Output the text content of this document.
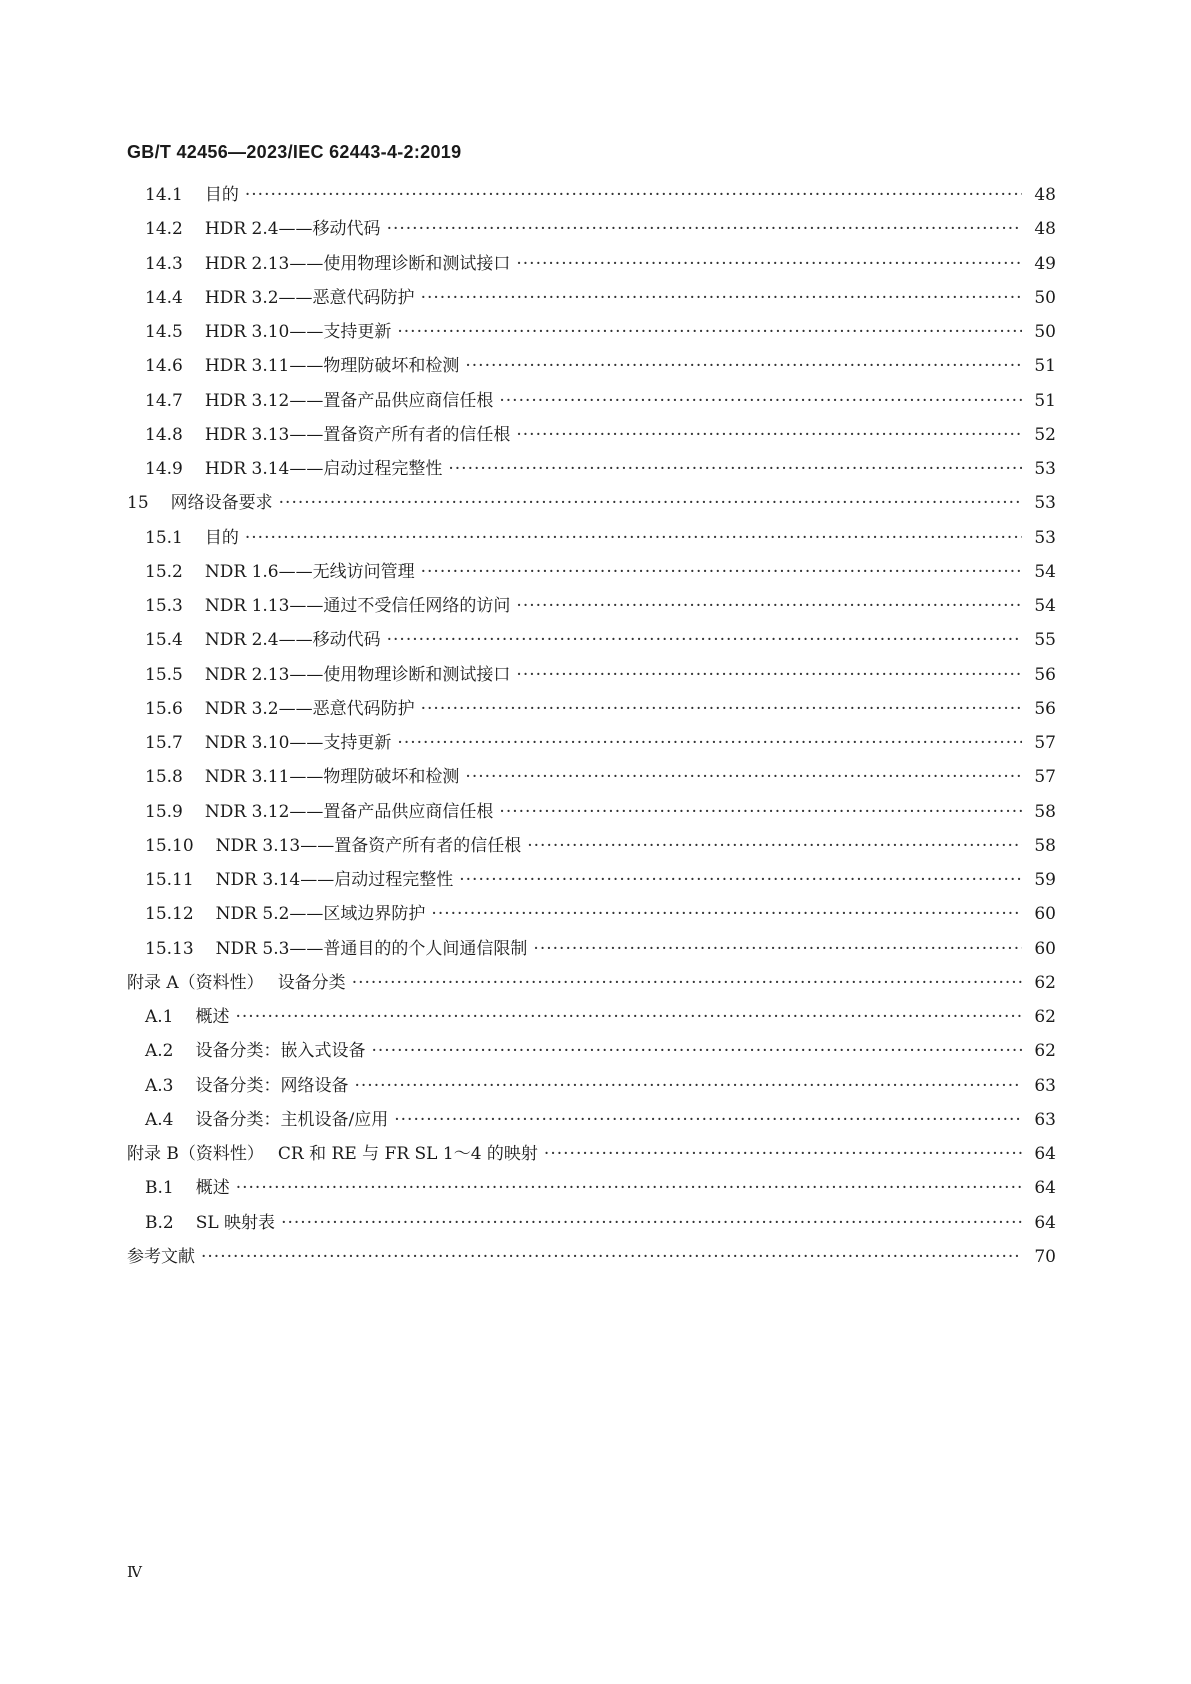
GB/T 42456—2023/IEC 62443-4-2:2019
14.1 目的 ·····	48
14.2 HDR 2.4——移动代码 ·····	48
14.3 HDR 2.13——使用物理诊断和测试接口 ·····	49
14.4 HDR 3.2——恶意代码防护 ·····	50
14.5 HDR 3.10——支持更新 ·····	50
14.6 HDR 3.11——物理防破坏和检测 ·····	51
14.7 HDR 3.12——置备产品供应商信任根 ·····	51
14.8 HDR 3.13——置备资产所有者的信任根 ·····	52
14.9 HDR 3.14——启动过程完整性 ·····	53
15 网络设备要求 ·····	53
15.1 目的 ·····	53
15.2 NDR 1.6——无线访问管理 ·····	54
15.3 NDR 1.13——通过不受信任网络的访问 ·····	54
15.4 NDR 2.4——移动代码 ·····	55
15.5 NDR 2.13——使用物理诊断和测试接口 ·····	56
15.6 NDR 3.2——恶意代码防护 ·····	56
15.7 NDR 3.10——支持更新 ·····	57
15.8 NDR 3.11——物理防破坏和检测 ·····	57
15.9 NDR 3.12——置备产品供应商信任根 ·····	58
15.10 NDR 3.13——置备资产所有者的信任根 ·····	58
15.11 NDR 3.14——启动过程完整性 ·····	59
15.12 NDR 5.2——区域边界防护 ·····	60
15.13 NDR 5.3——普通目的的个人间通信限制 ·····	60
附录 A（资料性） 设备分类 ·····	62
A.1 概述 ·····	62
A.2 设备分类：嵌入式设备 ·····	62
A.3 设备分类：网络设备 ·····	63
A.4 设备分类：主机设备/应用 ·····	63
附录 B（资料性） CR 和 RE 与 FR SL 1～4 的映射 ·····	64
B.1 概述 ·····	64
B.2 SL 映射表 ·····	64
参考文献 ·····	70
Ⅳ
